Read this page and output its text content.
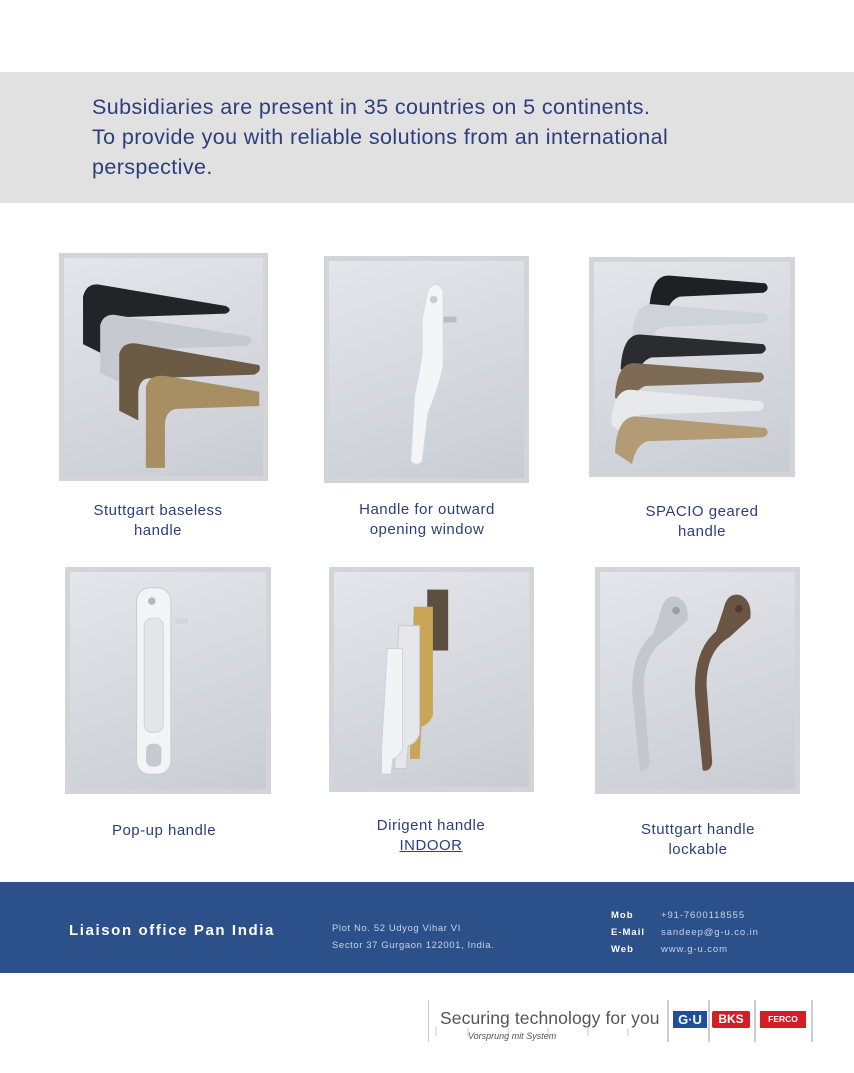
Subsidiaries are present in 35 countries on 5 continents.
To provide you with reliable solutions from an international
perspective.
Stuttgart baseless
handle
Handle for outward
opening window
SPACIO geared
handle
Pop-up handle	Dirigent handle
INDOOR
Stuttgart handle
lockable
Liaison office Pan India	Plot No. 52 Udyog Vihar VI
Sector 37 Gurgaon 122001, India.
Mob	+91-7600118555
E-Mail	sandeep@g-u.co.in
Web	www.g-u.com
Securing technology for you
Vorsprung mit System
G·U	BKS	FERCO
